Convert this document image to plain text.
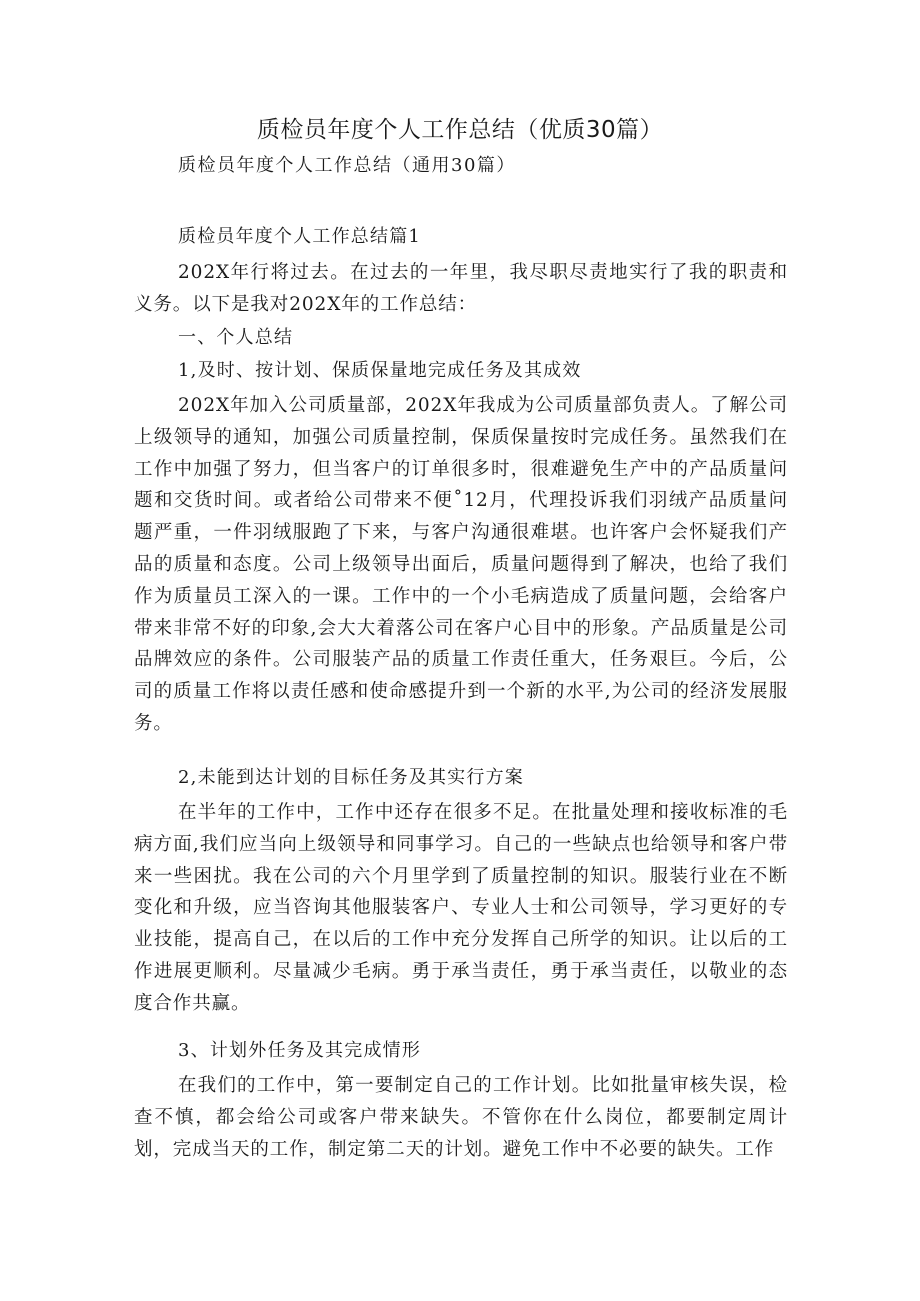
质检员年度个人工作总结（优质30篇）
质检员年度个人工作总结（通用30篇）
质检员年度个人工作总结篇1

202X年行将过去。在过去的一年里，我尽职尽责地实行了我的职责和义务。以下是我对202X年的工作总结：

一、个人总结
1,及时、按计划、保质保量地完成任务及其成效

202X年加入公司质量部，202X年我成为公司质量部负责人。了解公司上级领导的通知，加强公司质量控制，保质保量按时完成任务。虽然我们在工作中加强了努力，但当客户的订单很多时，很难避免生产中的产品质量问题和交货时间。或者给公司带来不便˚12月，代理投诉我们羽绒产品质量问题严重，一件羽绒服跑了下来，与客户沟通很难堪。也许客户会怀疑我们产品的质量和态度。公司上级领导出面后，质量问题得到了解决，也给了我们作为质量员工深入的一课。工作中的一个小毛病造成了质量问题，会给客户带来非常不好的印象,会大大着落公司在客户心目中的形象。产品质量是公司品牌效应的条件。公司服装产品的质量工作责任重大，任务艰巨。今后，公司的质量工作将以责任感和使命感提升到一个新的水平,为公司的经济发展服务。

2,未能到达计划的目标任务及其实行方案

在半年的工作中，工作中还存在很多不足。在批量处理和接收标准的毛病方面,我们应当向上级领导和同事学习。自己的一些缺点也给领导和客户带来一些困扰。我在公司的六个月里学到了质量控制的知识。服装行业在不断变化和升级，应当咨询其他服装客户、专业人士和公司领导，学习更好的专业技能，提高自己，在以后的工作中充分发挥自己所学的知识。让以后的工作进展更顺利。尽量减少毛病。勇于承当责任，勇于承当责任，以敬业的态度合作共赢。

3、计划外任务及其完成情形

在我们的工作中，第一要制定自己的工作计划。比如批量审核失误，检查不慎，都会给公司或客户带来缺失。不管你在什么岗位，都要制定周计划，完成当天的工作，制定第二天的计划。避免工作中不必要的缺失。工作
